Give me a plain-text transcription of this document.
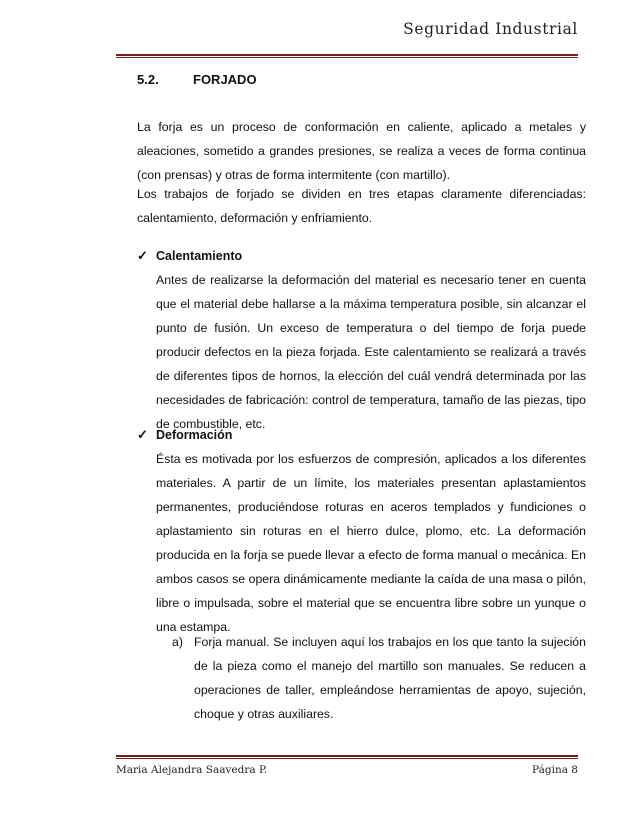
Seguridad Industrial
5.2.	FORJADO

La forja es un proceso de conformación en caliente, aplicado a metales y aleaciones, sometido a grandes presiones, se realiza a veces de forma continua (con prensas) y otras de forma intermitente (con martillo).

Los trabajos de forjado se dividen en tres etapas claramente diferenciadas: calentamiento, deformación y enfriamiento.

✓ Calentamiento

Antes de realizarse la deformación del material es necesario tener en cuenta que el material debe hallarse a la máxima temperatura posible, sin alcanzar el punto de fusión. Un exceso de temperatura o del tiempo de forja puede producir defectos en la pieza forjada. Este calentamiento se realizará a través de diferentes tipos de hornos, la elección del cuál vendrá determinada por las necesidades de fabricación: control de temperatura, tamaño de las piezas, tipo de combustible, etc.

✓ Deformación

Ésta es motivada por los esfuerzos de compresión, aplicados a los diferentes materiales. A partir de un límite, los materiales presentan aplastamientos permanentes, produciéndose roturas en aceros templados y fundiciones o aplastamiento sin roturas en el hierro dulce, plomo, etc. La deformación producida en la forja se puede llevar a efecto de forma manual o mecánica. En ambos casos se opera dinámicamente mediante la caída de una masa o pilón, libre o impulsada, sobre el material que se encuentra libre sobre un yunque o una estampa.

a) Forja manual. Se incluyen aquí los trabajos en los que tanto la sujeción de la pieza como el manejo del martillo son manuales. Se reducen a operaciones de taller, empleándose herramientas de apoyo, sujeción, choque y otras auxiliares.

Maria Alejandra Saavedra P.	Página 8
